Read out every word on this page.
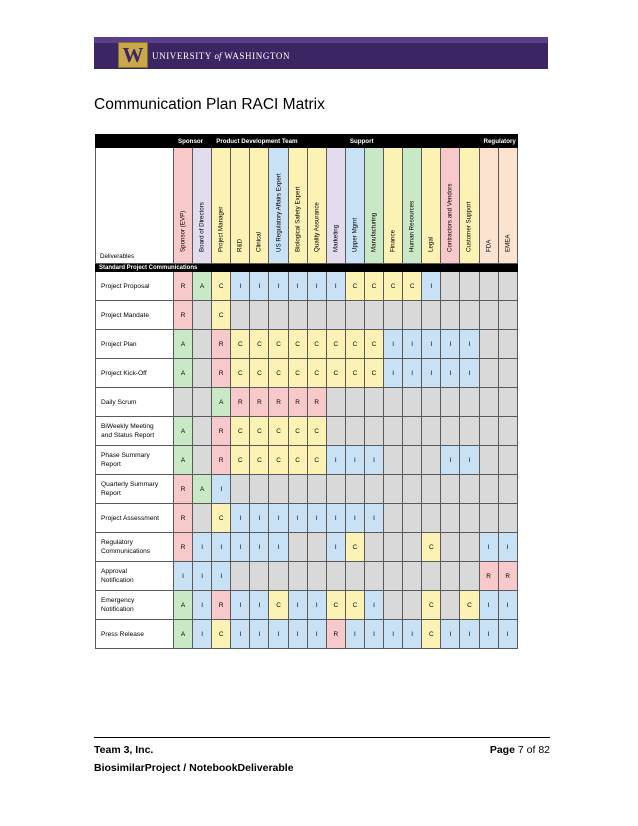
W UNIVERSITY of WASHINGTON
Communication Plan RACI Matrix
	Sponsor		Product Development Team							Support							Regulatory	
Deliverables	Sponsor (EVP)	Board of Directors	Project Manager	R&D	Clinical	US Regulatory Affairs Expert	Biological Safety Expert	Quality Assurance	Marketing	Upper Mgmt	Manufacturing	Finance	Human Resources	Legal	Contractors and Vendors	Customer Support	FDA	EMEA

Standard Project Communications																		
Project Proposal	R	A	C	I	I	I	I	I	I	C	C	C	C	I				
Project Mandate	R		C															
Project Plan	A		R	C	C	C	C	C	C	C	C	I	I	I	I	I		
Project Kick-Off	A		R	C	C	C	C	C	C	C	C	I	I	I	I	I		
Daily Scrum			A	R	R	R	R	R										
BiWeekly Meeting
and Status Report	A		R	C	C	C	C	C										
Phase Summary
Report	A		R	C	C	C	C	C	I	I	I				I	I		
Quarterly Summary
Report	R	A	I															
Project Assessment	R		C	I	I	I	I	I	I	I	I							
Regulatory
Communications	R	I	I	I	I	I			I	C				C			I	I
Approval
Notification	I	I	I														R	R
Emergency
Notification	A	I	R	I	I	C	I	I	C	C	I			C		C	I	I
Press Release	A	I	C	I	I	I	I	I	R	I	I	I	I	C	I	I	I	I
Team 3, Inc.	Page 7 of 82
BiosimilarProject / NotebookDeliverable
